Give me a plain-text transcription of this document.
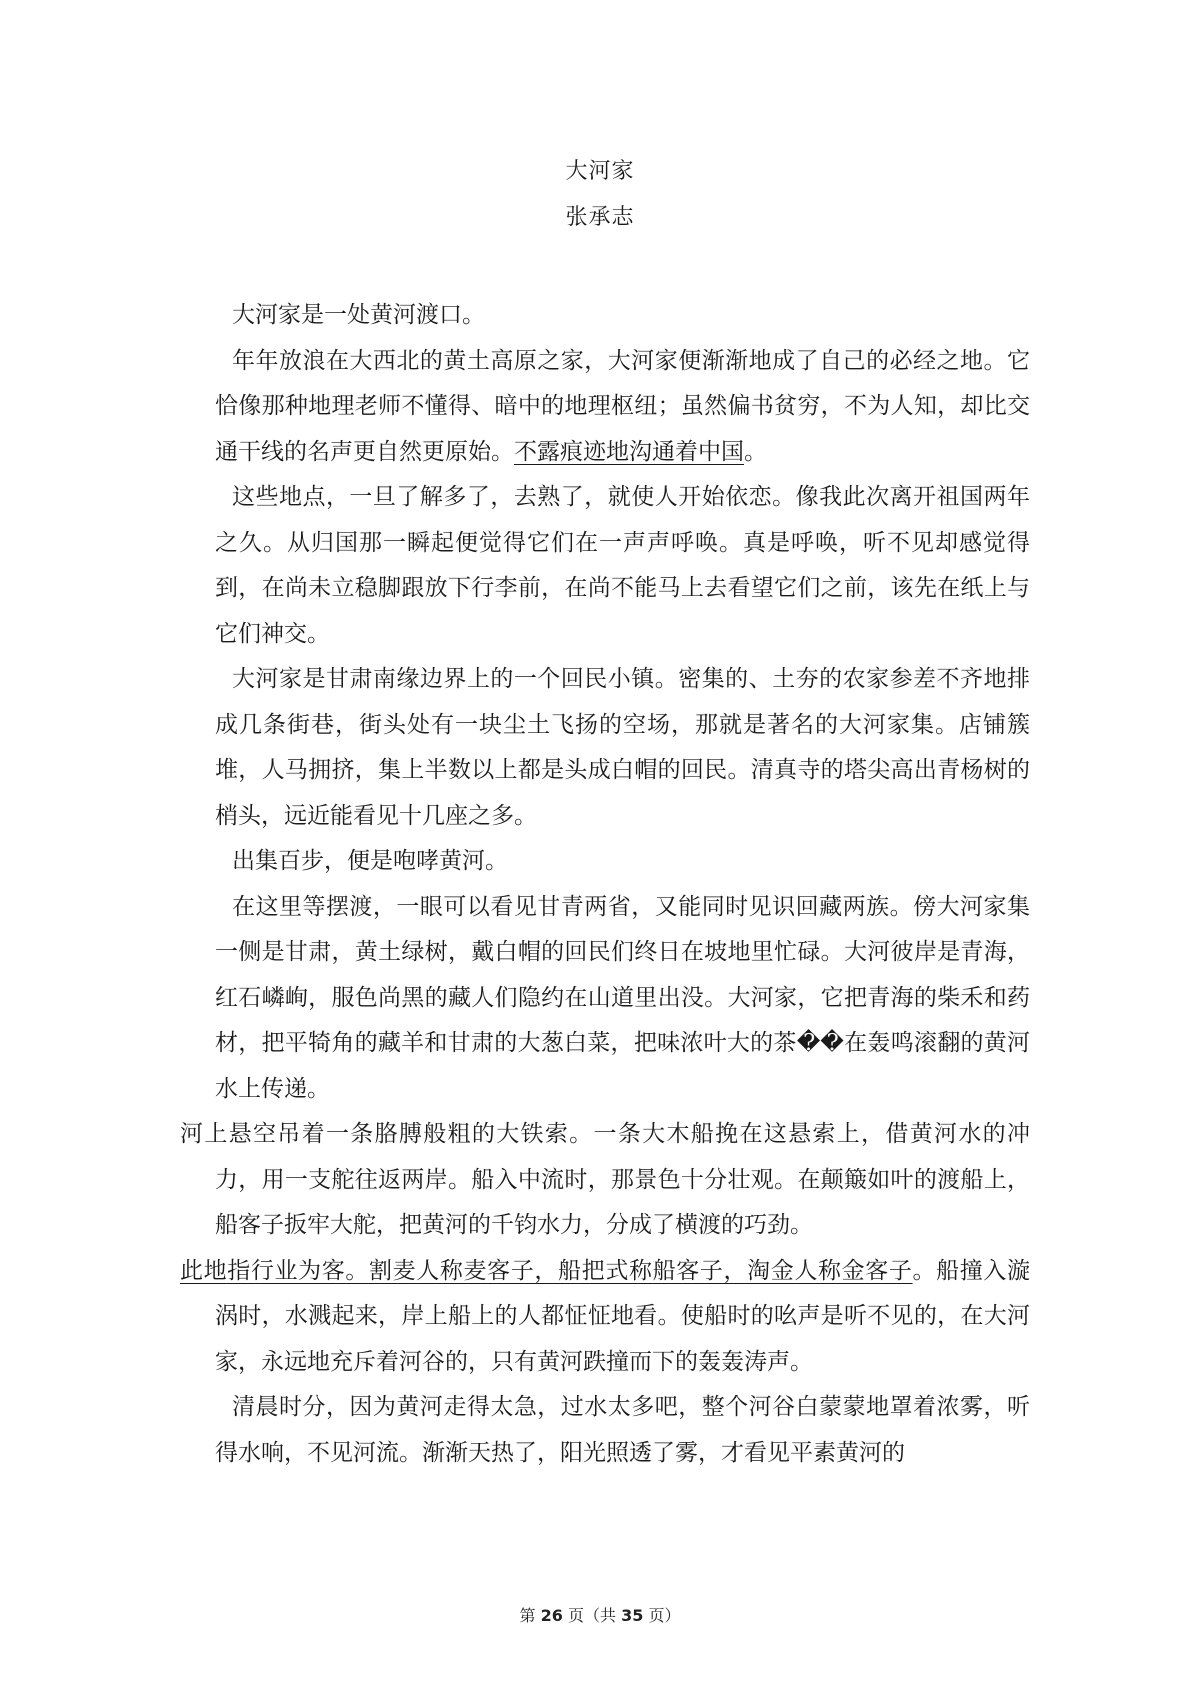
大河家
张承志

大河家是一处黄河渡口。

年年放浪在大西北的黄土高原之家，大河家便渐渐地成了自己的必经之地。它恰像那种地理老师不懂得、暗中的地理枢纽；虽然偏书贫穷，不为人知，却比交通干线的名声更自然更原始。不露痕迹地沟通着中国。

这些地点，一旦了解多了，去熟了，就使人开始依恋。像我此次离开祖国两年之久。从归国那一瞬起便觉得它们在一声声呼唤。真是呼唤，听不见却感觉得到，在尚未立稳脚跟放下行李前，在尚不能马上去看望它们之前，该先在纸上与它们神交。

大河家是甘肃南缘边界上的一个回民小镇。密集的、土夯的农家参差不齐地排成几条街巷，街头处有一块尘土飞扬的空场，那就是著名的大河家集。店铺簇堆，人马拥挤，集上半数以上都是头成白帽的回民。清真寺的塔尖高出青杨树的梢头，远近能看见十几座之多。

出集百步，便是咆哮黄河。

在这里等摆渡，一眼可以看见甘青两省，又能同时见识回藏两族。傍大河家集一侧是甘肃，黄土绿树，戴白帽的回民们终日在坡地里忙碌。大河彼岸是青海，红石嶙峋，服色尚黑的藏人们隐约在山道里出没。大河家，它把青海的柴禾和药材，把平犄角的藏羊和甘肃的大葱白菜，把味浓叶大的茶��在轰鸣滚翻的黄河水上传递。

河上悬空吊着一条胳膊般粗的大铁索。一条大木船挽在这悬索上，借黄河水的冲力，用一支舵往返两岸。船入中流时，那景色十分壮观。在颠簸如叶的渡船上，船客子扳牢大舵，把黄河的千钧水力，分成了横渡的巧劲。

此地指行业为客。割麦人称麦客子，船把式称船客子，淘金人称金客子。船撞入漩涡时，水溅起来，岸上船上的人都怔怔地看。使船时的吆声是听不见的，在大河家，永远地充斥着河谷的，只有黄河跌撞而下的轰轰涛声。

清晨时分，因为黄河走得太急，过水太多吧，整个河谷白蒙蒙地罩着浓雾，听得水响，不见河流。渐渐天热了，阳光照透了雾，才看见平素黄河的

第 26 页（共 35 页）
